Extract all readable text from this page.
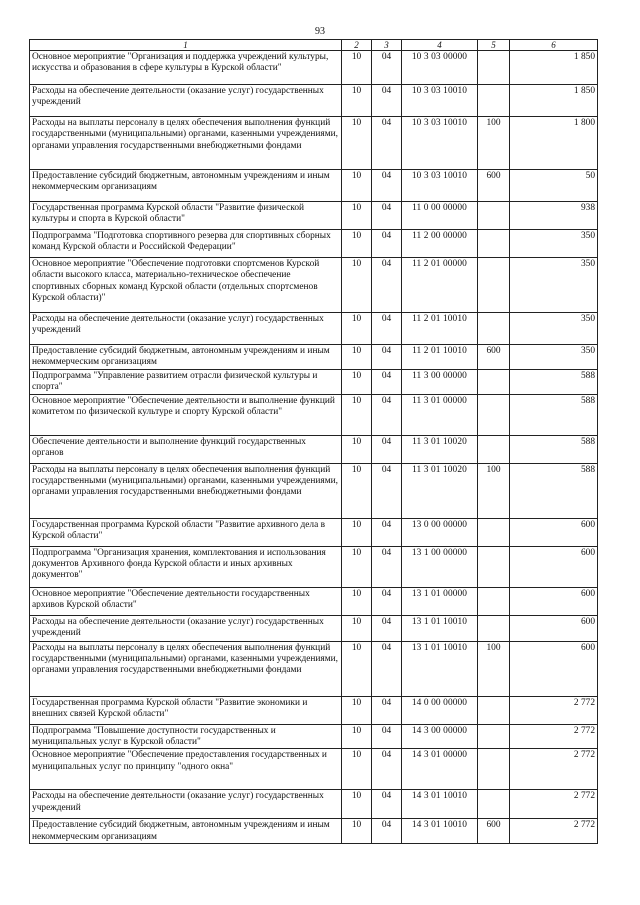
93
1	2	3	4	5	6
Основное мероприятие "Организация и поддержка учреждений культуры, искусства и образования в сфере культуры в Курской области"	10	04	10 3 03 00000		1 850
Расходы на обеспечение деятельности (оказание услуг) государственных учреждений	10	04	10 3 03 10010		1 850
Расходы на выплаты персоналу в целях обеспечения выполнения функций государственными (муниципальными) органами, казенными учреждениями, органами управления государственными внебюджетными фондами	10	04	10 3 03 10010	100	1 800
Предоставление субсидий бюджетным, автономным учреждениям и иным некоммерческим организациям	10	04	10 3 03 10010	600	50
Государственная программа Курской области "Развитие физической культуры и спорта в Курской области"	10	04	11 0 00 00000		938
Подпрограмма "Подготовка спортивного резерва для спортивных сборных команд Курской области и Российской Федерации"	10	04	11 2 00 00000		350
Основное мероприятие "Обеспечение подготовки спортсменов Курской области высокого класса, материально-техническое обеспечение спортивных сборных команд Курской области (отдельных спортсменов Курской области)"	10	04	11 2 01 00000		350
Расходы на обеспечение деятельности (оказание услуг) государственных учреждений	10	04	11 2 01 10010		350
Предоставление субсидий бюджетным, автономным учреждениям и иным некоммерческим организациям	10	04	11 2 01 10010	600	350
Подпрограмма "Управление развитием отрасли физической культуры и спорта"	10	04	11 3 00 00000		588
Основное мероприятие "Обеспечение деятельности и выполнение функций комитетом по физической культуре и спорту Курской области"	10	04	11 3 01 00000		588
Обеспечение деятельности и выполнение функций государственных органов	10	04	11 3 01 10020		588
Расходы на выплаты персоналу в целях обеспечения выполнения функций государственными (муниципальными) органами, казенными учреждениями, органами управления государственными внебюджетными фондами	10	04	11 3 01 10020	100	588
Государственная программа Курской области "Развитие архивного дела в Курской области"	10	04	13 0 00 00000		600
Подпрограмма "Организация хранения, комплектования и использования документов Архивного фонда Курской области и иных архивных документов"	10	04	13 1 00 00000		600
Основное мероприятие "Обеспечение деятельности государственных архивов Курской области"	10	04	13 1 01 00000		600
Расходы на обеспечение деятельности (оказание услуг) государственных учреждений	10	04	13 1 01 10010		600
Расходы на выплаты персоналу в целях обеспечения выполнения функций государственными (муниципальными) органами, казенными учреждениями, органами управления государственными внебюджетными фондами	10	04	13 1 01 10010	100	600
Государственная программа Курской области "Развитие экономики и внешних связей Курской области"	10	04	14 0 00 00000		2 772
Подпрограмма "Повышение доступности государственных и муниципальных услуг в Курской области"	10	04	14 3 00 00000		2 772
Основное мероприятие "Обеспечение предоставления государственных и муниципальных услуг по принципу "одного окна"	10	04	14 3 01 00000		2 772
Расходы на обеспечение деятельности (оказание услуг) государственных учреждений	10	04	14 3 01 10010		2 772
Предоставление субсидий бюджетным, автономным учреждениям и иным некоммерческим организациям	10	04	14 3 01 10010	600	2 772
